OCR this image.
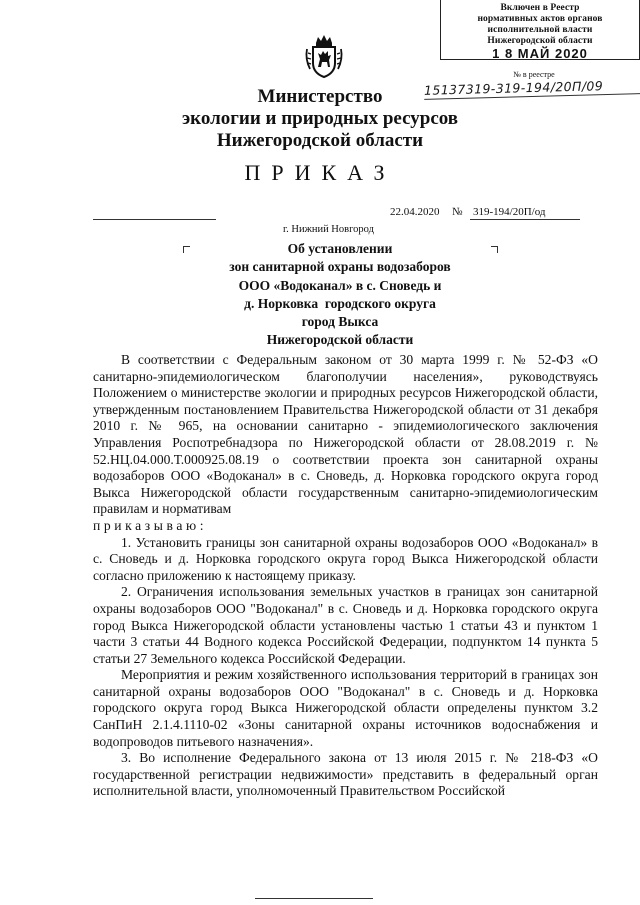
Включен в Реестр
нормативных актов органов
исполнительной власти
Нижегородской области
1 8 МАЙ 2020
№ в реестре
15137319-319-194/20П/09
Министерство
экологии и природных ресурсов
Нижегородской области
ПРИКАЗ
22.04.2020 № 319-194/20П/од
г. Нижний Новгород
Об установлении
зон санитарной охраны водозаборов
ООО «Водоканал» в с. Сноведь и
д. Норковка  городского округа
город Выкса
Нижегородской области

В соответствии с Федеральным законом от 30 марта 1999 г. № 52-ФЗ «О санитарно-эпидемиологическом благополучии населения», руководствуясь Положением о министерстве экологии и природных ресурсов Нижегородской области, утвержденным постановлением Правительства Нижегородской области от 31 декабря 2010 г. № 965, на основании санитарно - эпидемиологического заключения Управления Роспотребнадзора по Нижегородской области от 28.08.2019 г. № 52.НЦ.04.000.Т.000925.08.19 о соответствии проекта зон санитарной охраны водозаборов ООО «Водоканал» в с. Сноведь, д. Норковка городского округа город Выкса Нижегородской области государственным санитарно-эпидемиологическим правилам и нормативам

приказываю:

1. Установить границы зон санитарной охраны водозаборов ООО «Водоканал» в с. Сноведь и д. Норковка городского округа город Выкса Нижегородской области согласно приложению к настоящему приказу.

2. Ограничения использования земельных участков в границах зон санитарной охраны водозаборов ООО "Водоканал" в с. Сноведь и д. Норковка городского округа город Выкса Нижегородской области установлены частью 1 статьи 43 и пунктом 1 части 3 статьи 44 Водного кодекса Российской Федерации, подпунктом 14 пункта 5 статьи 27 Земельного кодекса Российской Федерации.

Мероприятия и режим хозяйственного использования территорий в границах зон санитарной охраны водозаборов ООО "Водоканал" в с. Сноведь и д. Норковка городского округа город Выкса Нижегородской области определены пунктом 3.2 СанПиН 2.1.4.1110-02 «Зоны санитарной охраны источников водоснабжения и водопроводов питьевого назначения».

3. Во исполнение Федерального закона от 13 июля 2015 г. № 218-ФЗ «О государственной регистрации недвижимости» представить в федеральный орган исполнительной власти, уполномоченный Правительством Российской
